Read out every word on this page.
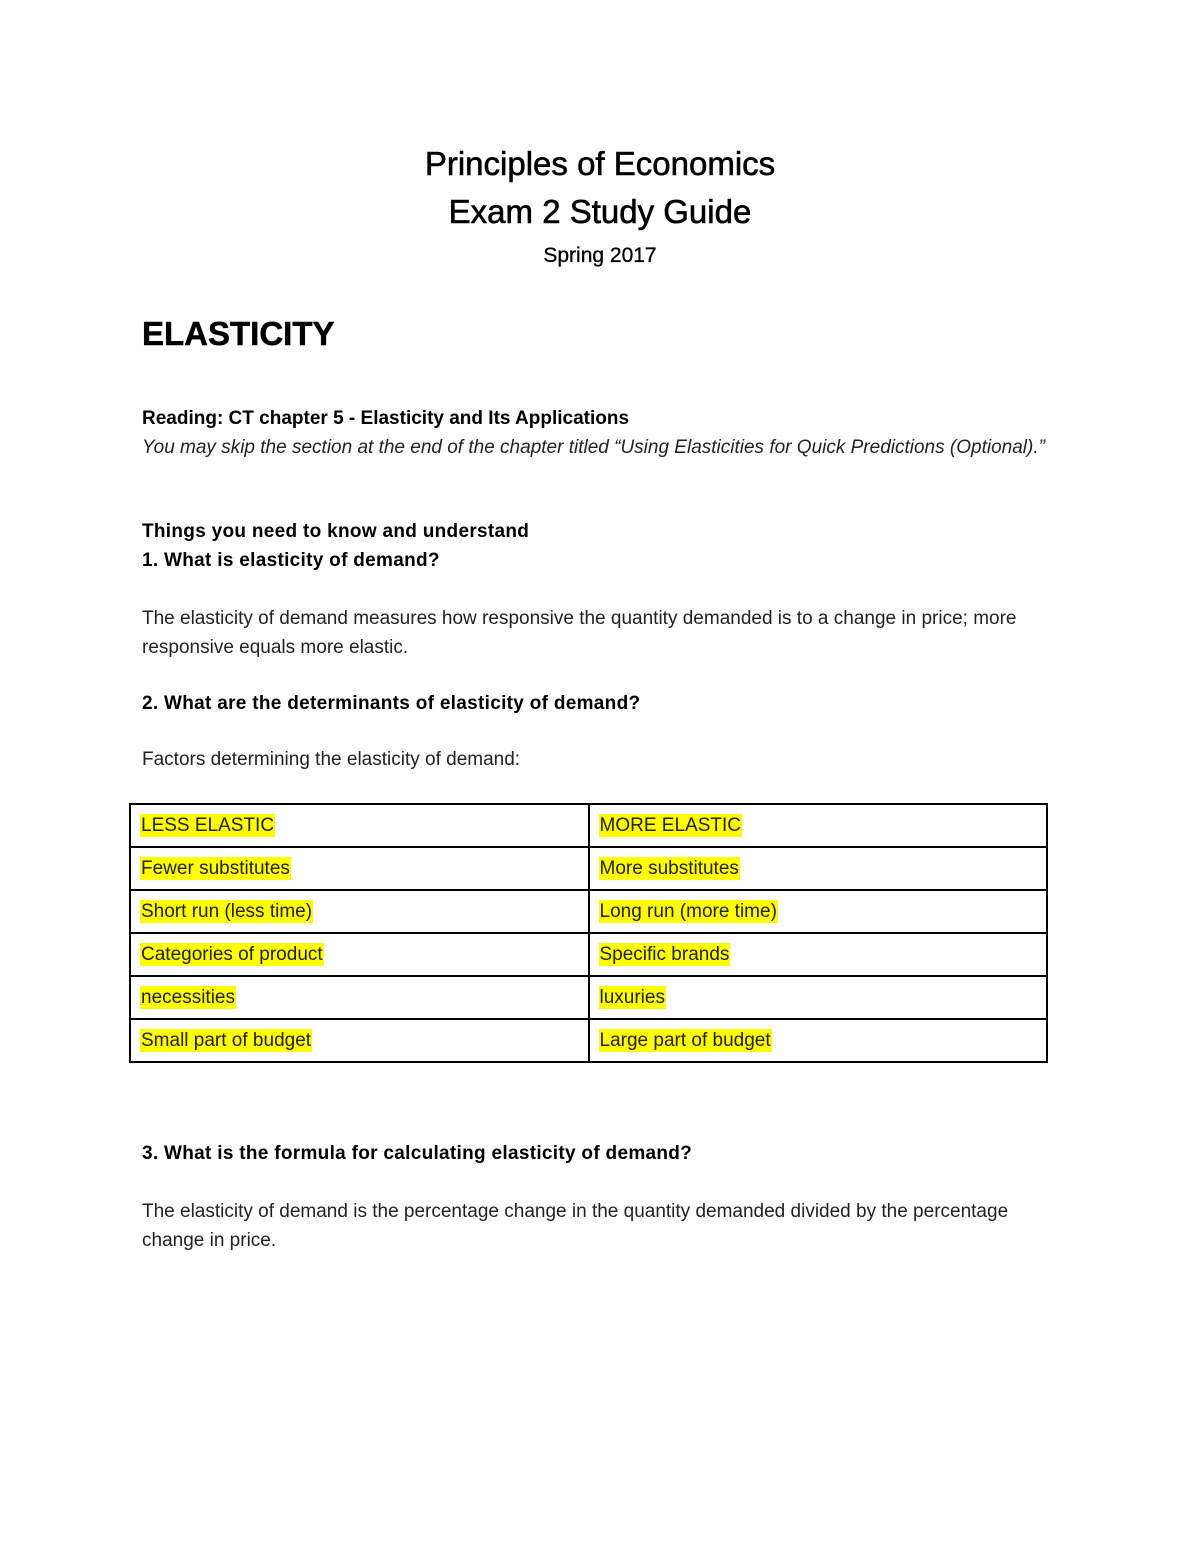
Principles of Economics
Exam 2 Study Guide
Spring 2017
ELASTICITY

Reading: CT chapter 5 - Elasticity and Its Applications

You may skip the section at the end of the chapter titled “Using Elasticities for Quick Predictions (Optional).”

Things you need to know and understand

1. What is elasticity of demand?

The elasticity of demand measures how responsive the quantity demanded is to a change in price; more responsive equals more elastic.

2. What are the determinants of elasticity of demand?

Factors determining the elasticity of demand:

LESS ELASTIC	MORE ELASTIC
Fewer substitutes	More substitutes
Short run (less time)	Long run (more time)
Categories of product	Specific brands
necessities	luxuries
Small part of budget	Large part of budget

3. What is the formula for calculating elasticity of demand?

The elasticity of demand is the percentage change in the quantity demanded divided by the percentage change in price.
